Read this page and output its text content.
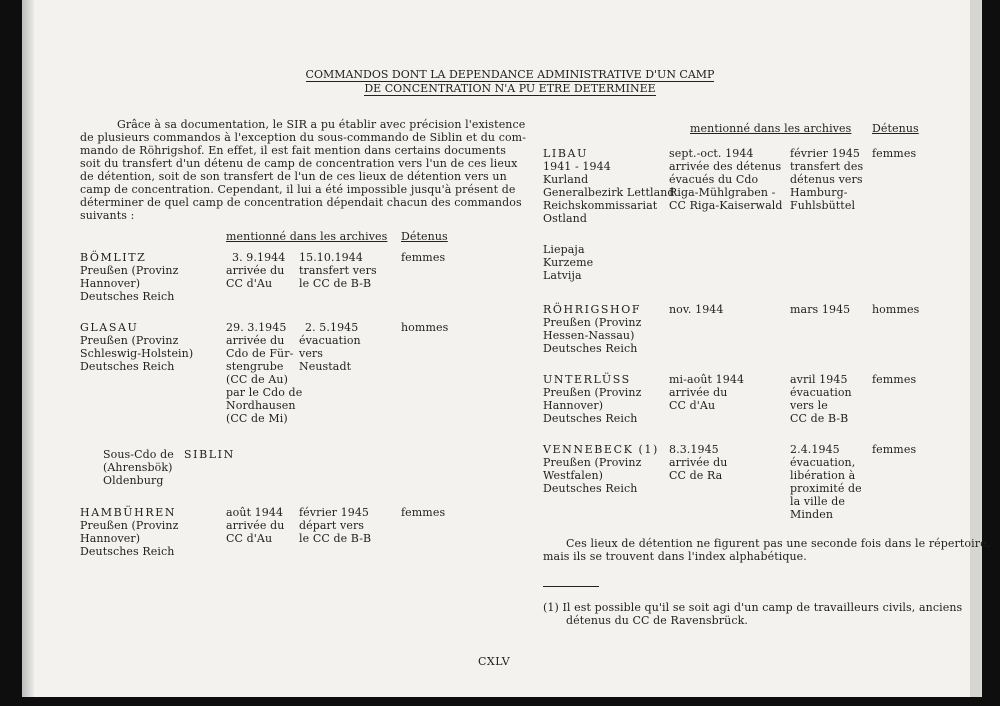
COMMANDOS DONT LA DEPENDANCE ADMINISTRATIVE D'UN CAMP
DE CONCENTRATION N'A PU ETRE DETERMINEE
Grâce à sa documentation, le SIR a pu établir avec précision l'existence
de plusieurs commandos à l'exception du sous-commando de Siblin et du com-
mando de Röhrigshof. En effet, il est fait mention dans certains documents
soit du transfert d'un détenu de camp de concentration vers l'un de ces lieux
de détention, soit de son transfert de l'un de ces lieux de détention vers un
camp de concentration. Cependant, il lui a été impossible jusqu'à présent de
déterminer de quel camp de concentration dépendait chacun des commandos
suivants :
mentionné dans les archives Détenus
BÖMLITZ
Preußen (Provinz
Hannover)
Deutsches Reich
3. 9.1944
arrivée du
CC d'Au
15.10.1944
transfert vers
le CC de B-B
femmes
GLASAU
Preußen (Provinz
Schleswig-Holstein)
Deutsches Reich
29. 3.1945
arrivée du
Cdo de Für-
stengrube
(CC de Au)
par le Cdo de
Nordhausen
(CC de Mi)
2. 5.1945
évacuation
vers
Neustadt
hommes
Sous-Cdo de SIBLIN
(Ahrensbök)
Oldenburg
HAMBÜHREN
Preußen (Provinz
Hannover)
Deutsches Reich
août 1944
arrivée du
CC d'Au
février 1945
départ vers
le CC de B-B
femmes
mentionné dans les archives Détenus
LIBAU
1941 - 1944
Kurland
Generalbezirk Lettland
Reichskommissariat
Ostland
sept.-oct. 1944
arrivée des détenus
évacués du Cdo
Riga-Mühlgraben -
CC Riga-Kaiserwald
février 1945
transfert des
détenus vers
Hamburg-
Fuhlsbüttel
femmes
Liepaja
Kurzeme
Latvija
RÖHRIGSHOF
Preußen (Provinz
Hessen-Nassau)
Deutsches Reich
nov. 1944	mars 1945 hommes
UNTERLÜSS
Preußen (Provinz
Hannover)
Deutsches Reich
mi-août 1944
arrivée du
CC d'Au
avril 1945
évacuation
vers le
CC de B-B
femmes
VENNEBECK (1)
Preußen (Provinz
Westfalen)
Deutsches Reich
8.3.1945
arrivée du
CC de Ra
2.4.1945
évacuation,
libération à
proximité de
la ville de
Minden
femmes
Ces lieux de détention ne figurent pas une seconde fois dans le répertoire,
mais ils se trouvent dans l'index alphabétique.
(1) Il est possible qu'il se soit agi d'un camp de travailleurs civils, anciens
détenus du CC de Ravensbrück.
CXLV
